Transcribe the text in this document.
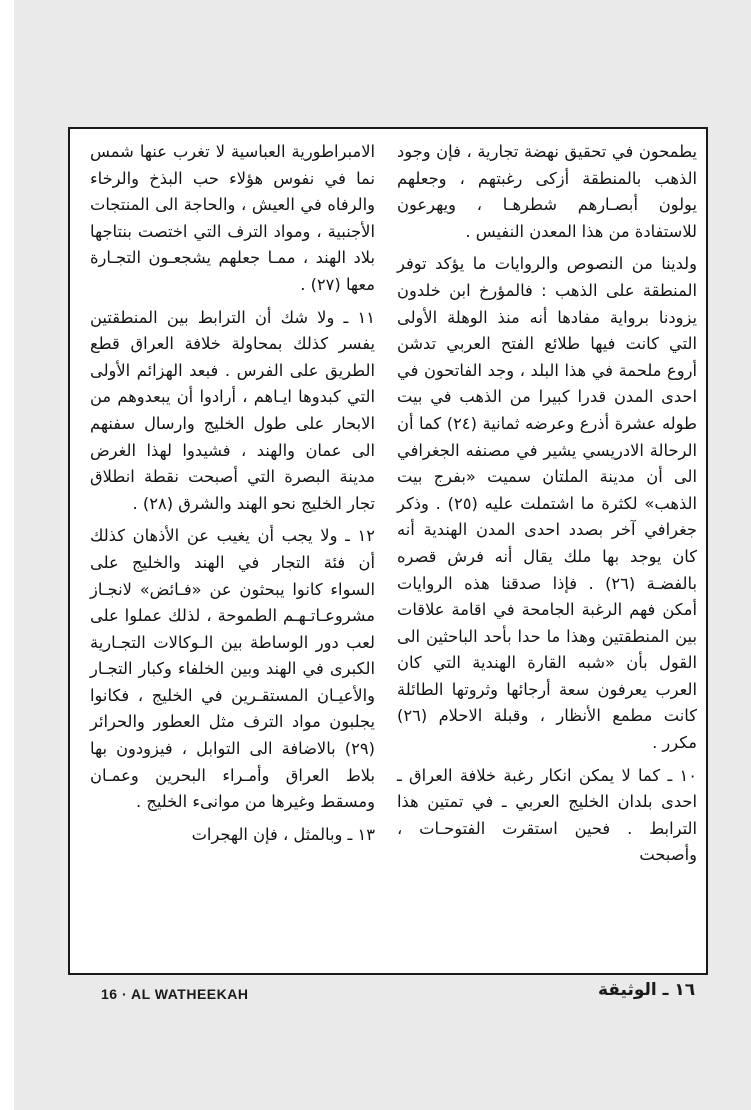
يطمحون في تحقيق نهضة تجارية ، فإن وجود الذهب بالمنطقة أزكى رغبتهم ، وجعلهم يولون أبصـارهم شطرهـا ، ويهرعون للاستفادة من هذا المعدن النفيس .

ولدينا من النصوص والروايات ما يؤكد توفر المنطقة على الذهب : فالمؤرخ ابن خلدون يزودنا برواية مفادها أنه منذ الوهلة الأولى التي كانت فيها طلائع الفتح العربي تدشن أروع ملحمة في هذا البلد ، وجد الفاتحون في احدى المدن قدرا كبيرا من الذهب في بيت طوله عشرة أذرع وعرضه ثمانية (٢٤) كما أن الرحالة الادريسي يشير في مصنفه الجغرافي الى أن مدينة الملتان سميت «بفرج بيت الذهب» لكثرة ما اشتملت عليه (٢٥) . وذكر جغرافي آخر بصدد احدى المدن الهندية أنه كان يوجد بها ملك يقال أنه فرش قصره بالفضـة (٢٦) . فإذا صدقنا هذه الروايات أمكن فهم الرغبة الجامحة في اقامة علاقات بين المنطقتين وهذا ما حدا بأحد الباحثين الى القول بأن «شبه القارة الهندية التي كان العرب يعرفون سعة أرجائها وثروتها الطائلة كانت مطمع الأنظار ، وقبلة الاحلام (٢٦) مكرر .

١٠ ـ كما لا يمكن انكار رغبة خلافة العراق ـ احدى بلدان الخليج العربي ـ في تمتين هذا الترابط . فحين استقرت الفتوحـات ، وأصبحت

الامبراطورية العباسية لا تغرب عنها شمس نما في نفوس هؤلاء حب البذخ والرخاء والرفاه في العيش ، والحاجة الى المنتجات الأجنبية ، ومواد الترف التي اختصت بنتاجها بلاد الهند ، ممـا جعلهم يشجعـون التجـارة معها (٢٧) .

١١ ـ ولا شك أن الترابط بين المنطقتين يفسر كذلك بمحاولة خلافة العراق قطع الطريق على الفرس . فبعد الهزائم الأولى التي كبدوها ايـاهم ، أرادوا أن يبعدوهم من الابحار على طول الخليج وارسال سفنهم الى عمان والهند ، فشيدوا لهذا الغرض مدينة البصرة التي أصبحت نقطة انطلاق تجار الخليج نحو الهند والشرق (٢٨) .

١٢ ـ ولا يجب أن يغيب عن الأذهان كذلك أن فئة التجار في الهند والخليج على السواء كانوا يبحثون عن «فـائض» لانجـاز مشروعـاتـهـم الطموحة ، لذلك عملوا على لعب دور الوساطة بين الـوكالات التجـارية الكبرى في الهند وبين الخلفاء وكبار التجـار والأعيـان المستقـرين في الخليج ، فكانوا يجلبون مواد الترف مثل العطور والحرائر (٢٩) بالاضافة الى التوابل ، فيزودون بها بلاط العراق وأمـراء البحرين وعمـان ومسقط وغيرها من موانىء الخليج .

١٣ ـ وبالمثل ، فإن الهجرات

16 · AL WATHEEKAH	١٦ ـ الوثيقة
